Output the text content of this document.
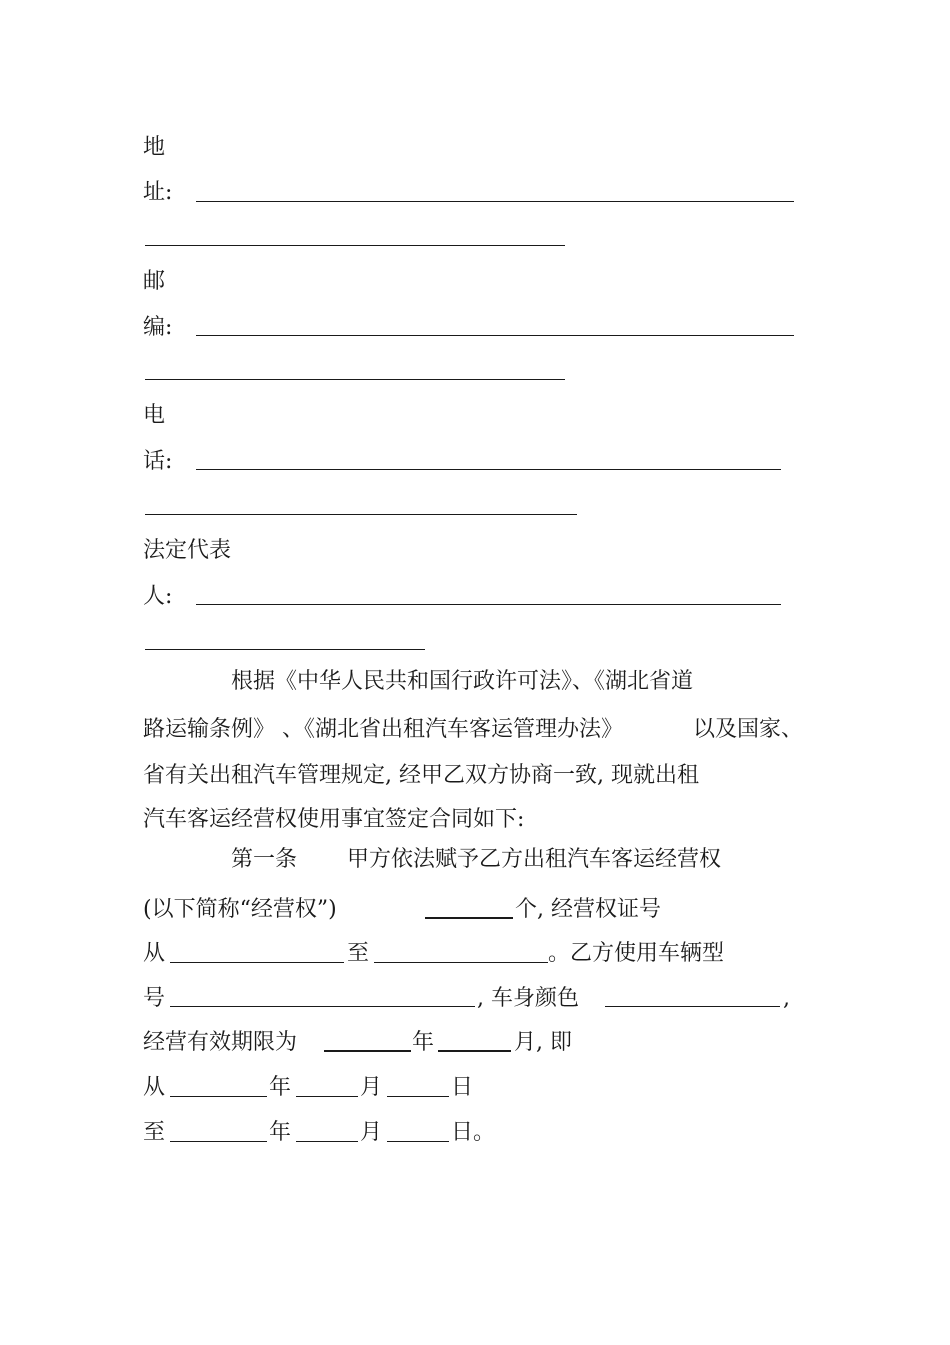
地
址:
邮
编:
电
话:
法定代表
人:
根据《中华人民共和国行政许可法》、《湖北省道
路运输条例》 、《湖北省出租汽车客运管理办法》	以及国家、
省有关出租汽车管理规定, 经甲乙双方协商一致, 现就出租
汽车客运经营权使用事宜签定合同如下:
第一条 甲方依法赋予乙方出租汽车客运经营权
(以下简称“经营权”)	个, 经营权证号
从	至	。乙方使用车辆型
号	, 车身颜色	,
经营有效期限为	年	月, 即
从	年	月	日
至	年	月	日。
